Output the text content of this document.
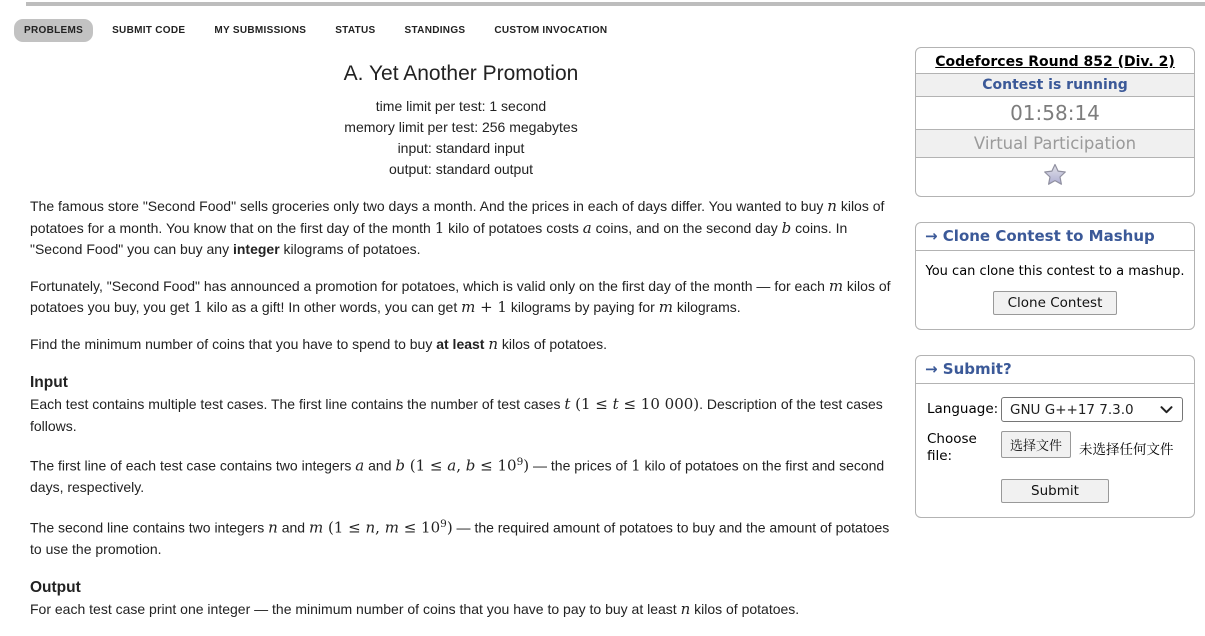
PROBLEMS	SUBMIT CODE	MY SUBMISSIONS	STATUS	STANDINGS	CUSTOM INVOCATION
A. Yet Another Promotion
time limit per test: 1 second
memory limit per test: 256 megabytes
input: standard input
output: standard output

The famous store "Second Food" sells groceries only two days a month. And the prices in each of days differ. You wanted to buy n kilos of potatoes for a month. You know that on the first day of the month 1 kilo of potatoes costs a coins, and on the second day b coins. In "Second Food" you can buy any integer kilograms of potatoes.

Fortunately, "Second Food" has announced a promotion for potatoes, which is valid only on the first day of the month — for each m kilos of potatoes you buy, you get 1 kilo as a gift! In other words, you can get m + 1 kilograms by paying for m kilograms.

Find the minimum number of coins that you have to spend to buy at least n kilos of potatoes.

Input

Each test contains multiple test cases. The first line contains the number of test cases t (1 ≤ t ≤ 10 000). Description of the test cases follows.

The first line of each test case contains two integers a and b (1 ≤ a, $b \le 10^9$) — the prices of 1 kilo of potatoes on the first and second days, respectively.

The second line contains two integers n and m (1 ≤ n, $m \le 10^9$) — the required amount of potatoes to buy and the amount of potatoes to use the promotion.

Output

For each test case print one integer — the minimum number of coins that you have to pay to buy at least n kilos of potatoes.

Codeforces Round 852 (Div. 2)
Contest is running
01:58:14
Virtual Participation
→ Clone Contest to Mashup
You can clone this contest to a mashup.
Clone Contest
→ Submit?
Language: GNU G++17 7.3.0
Choose file:
选择文件	未选择任何文件
Submit
